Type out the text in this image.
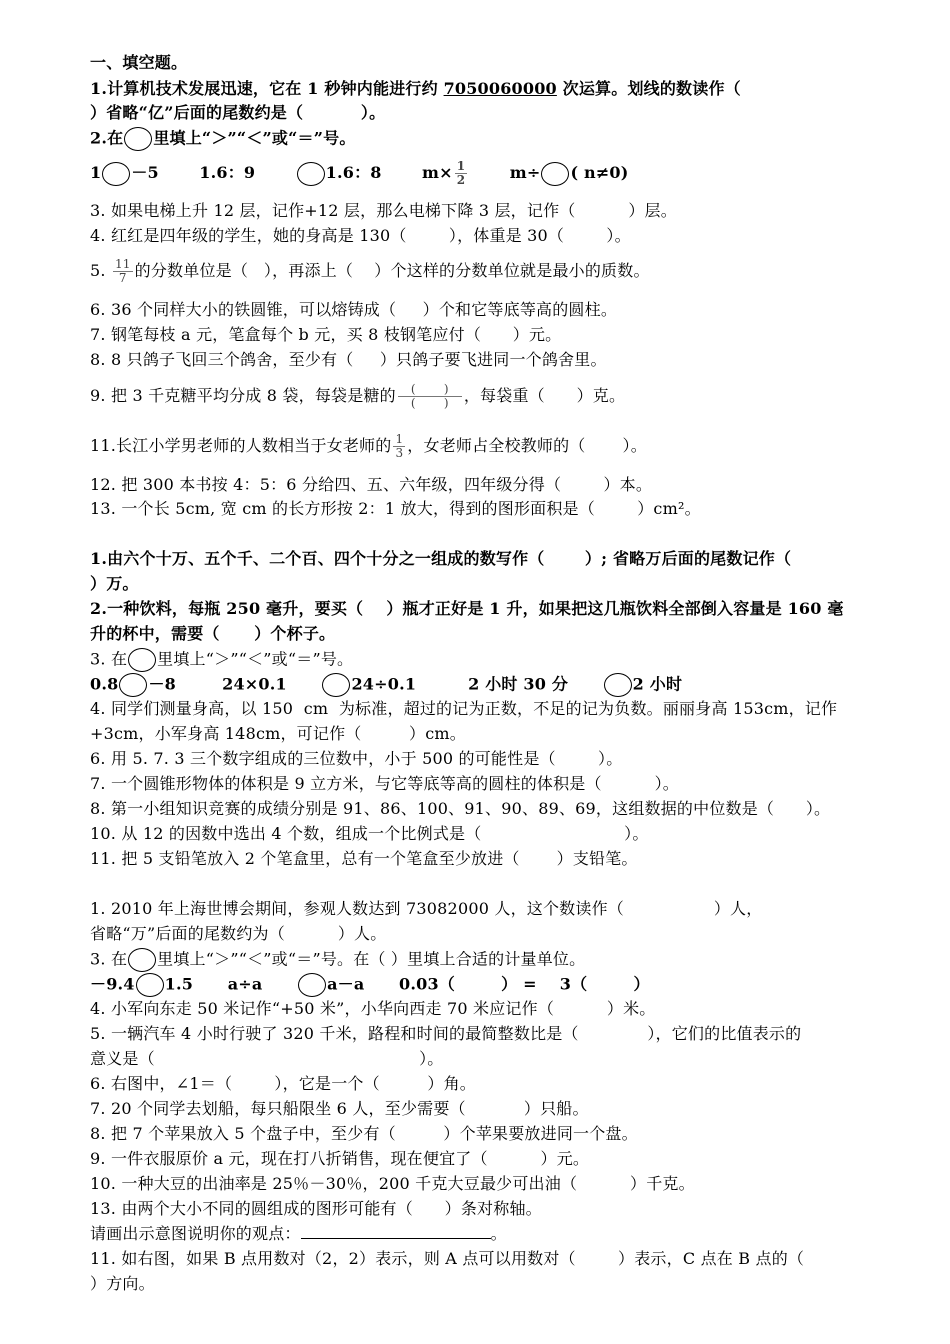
一、填空题。
1.计算机技术发展迅速，它在 1 秒钟内能进行约 7050060000 次运算。划线的数读作（
）省略“亿”后面的尾数约是（          ）。
2.在 里填上“＞”“＜”或“＝”号。
1 －5       1.6：9       1.6：8       $m\times \frac{1}{2} m\div$ ( n≠0)
3. 如果电梯上升 12 层，记作+12 层，那么电梯下降 3 层，记作（          ）层。
4. 红红是四年级的学生，她的身高是 130（        ），体重是 30（        ）。
5. $\frac{11}{7}$ 的分数单位是（   ），再添上（    ）个这样的分数单位就是最小的质数。
6. 36 个同样大小的铁圆锥，可以熔铸成（     ）个和它等底等高的圆柱。
7. 钢笔每枝 a 元，笔盒每个 b 元，买 8 枝钢笔应付（      ）元。
8. 8 只鸽子飞回三个鸽舍，至少有（     ）只鸽子要飞进同一个鸽舍里。
9. 把 3 千克糖平均分成 8 袋，每袋是糖的 $\frac{( )}{( )}$ ，每袋重（      ）克。
11.长江小学男老师的人数相当于女老师的 $\frac{1}{3}$ ，女老师占全校教师的（       ）。
12. 把 300 本书按 4：5：6 分给四、五、六年级，四年级分得（        ）本。
13. 一个长 5cm, 宽 cm 的长方形按 2：1 放大，得到的图形面积是（        ）cm²。
1.由六个十万、五个千、二个百、四个十分之一组成的数写作（       ）; 省略万后面的尾数记作（
）万。
2.一种饮料，每瓶 250 毫升，要买（    ）瓶才正好是 1 升，如果把这几瓶饮料全部倒入容量是 160 毫
升的杯中，需要（      ）个杯子。
3. 在 里填上“＞”“＜”或“＝”号。
0.8 －8        24×0.1      24÷0.1         2 小时 30 分      2 小时
4. 同学们测量身高，以 150  cm  为标准，超过的记为正数，不足的记为负数。丽丽身高 153cm，记作
+3cm，小军身高 148cm，可记作（         ）cm。
6. 用 5. 7. 3 三个数字组成的三位数中，小于 500 的可能性是（        ）。
7. 一个圆锥形物体的体积是 9 立方米，与它等底等高的圆柱的体积是（          ）。
8. 第一小组知识竞赛的成绩分别是 91、86、100、91、90、89、69，这组数据的中位数是（      ）。
10. 从 12 的因数中选出 4 个数，组成一个比例式是（                           ）。
11. 把 5 支铅笔放入 2 个笔盒里，总有一个笔盒至少放进（       ）支铅笔。
1. 2010 年上海世博会期间，参观人数达到 73082000 人，这个数读作（                 ）人，
省略“万”后面的尾数约为（          ）人。
3. 在 里填上“＞”“＜”或“＝”号。在（ ）里填上合适的计量单位。
－9.4 1.5      a÷a      a－a      0.03（        ） =    3（        ）
4. 小军向东走 50 米记作“+50 米”，小华向西走 70 米应记作（          ）米。
5. 一辆汽车 4 小时行驶了 320 千米，路程和时间的最简整数比是（             ），它们的比值表示的
意义是（                                                  ）。
6. 右图中，∠1＝（        ），它是一个（         ）角。
7. 20 个同学去划船，每只船限坐 6 人，至少需要（           ）只船。
8. 把 7 个苹果放入 5 个盘子中，至少有（         ）个苹果要放进同一个盘。
9. 一件衣服原价 a 元，现在打八折销售，现在便宜了（          ）元。
10. 一种大豆的出油率是 25％－30％，200 千克大豆最少可出油（          ）千克。
13. 由两个大小不同的圆组成的图形可能有（      ）条对称轴。
请画出示意图说明你的观点：	。
11. 如右图，如果 B 点用数对（2，2）表示，则 A 点可以用数对（        ）表示，C 点在 B 点的（
）方向。
